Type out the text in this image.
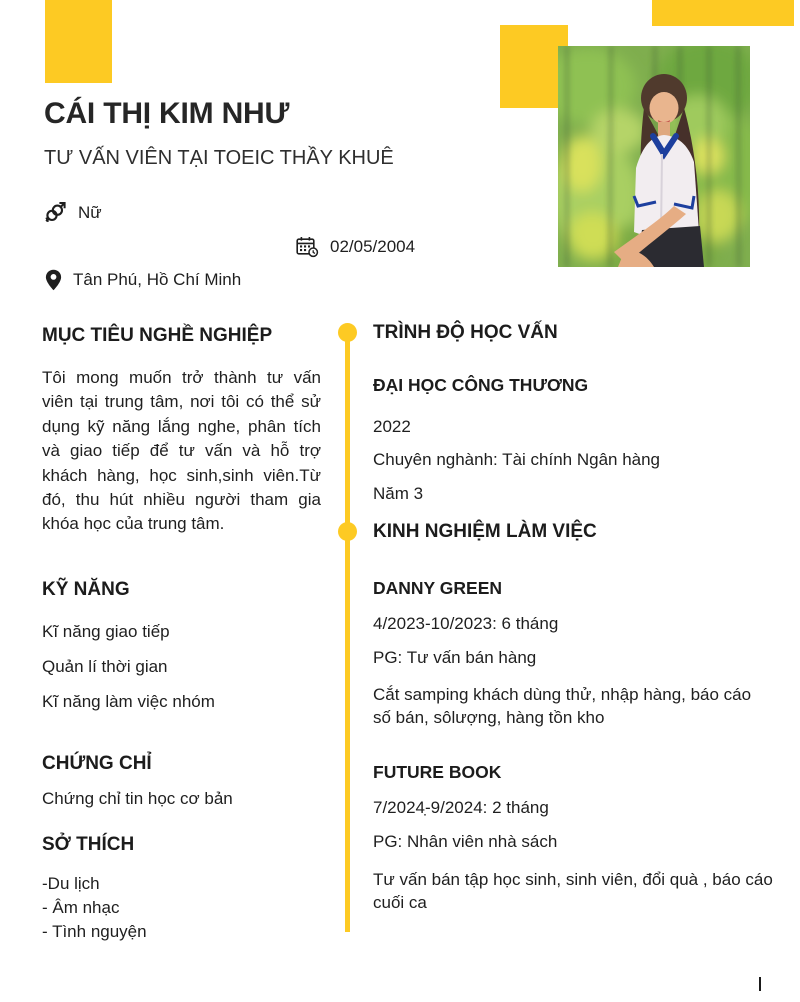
CÁI THỊ KIM NHƯ
TƯ VẤN VIÊN TẠI TOEIC THẦY KHUÊ
Nữ
02/05/2004
Tân Phú, Hồ Chí Minh
MỤC TIÊU NGHỀ NGHIỆP
Tôi mong muốn trở thành tư vấn viên tại trung tâm, nơi tôi có thể sử dụng kỹ năng lắng nghe, phân tích và giao tiếp để tư vấn và hỗ trợ khách hàng, học sinh,sinh viên.Từ đó, thu hút nhiều người tham gia khóa học của trung tâm.
KỸ NĂNG
Kĩ năng giao tiếp
Quản lí thời gian
Kĩ năng làm việc nhóm
CHỨNG CHỈ
Chứng chỉ tin học cơ bản
SỞ THÍCH
-Du lịch
- Âm nhạc
- Tình nguyện
TRÌNH ĐỘ HỌC VẤN
ĐẠI HỌC CÔNG THƯƠNG
2022
Chuyên nghành: Tài chính Ngân hàng
Năm 3
KINH NGHIỆM LÀM VIỆC
DANNY GREEN
4/2023-10/2023: 6 tháng
PG: Tư vấn bán hàng
Cắt samping khách dùng thử, nhập hàng, báo cáo số bán, sôlượng, hàng tồn kho
FUTURE BOOK
7/2024-̣9/2024: 2 tháng
PG: Nhân viên nhà sách
Tư vấn bán tập học sinh, sinh viên, đổi quà , báo cáo cuối ca
